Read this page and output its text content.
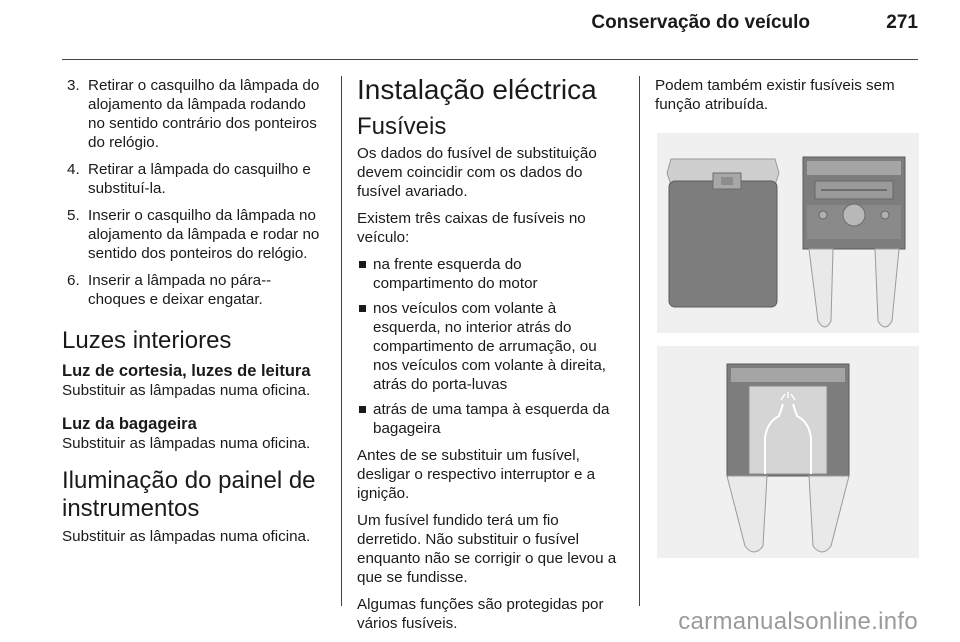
Conservação do veículo	271
3. Retirar o casquilho da lâmpada do alojamento da lâmpada rodando no sentido contrário dos ponteiros do relógio.
4. Retirar a lâmpada do casquilho e substituí-la.
5. Inserir o casquilho da lâmpada no alojamento da lâmpada e rodar no sentido dos ponteiros do relógio.
6. Inserir a lâmpada no pára--choques e deixar engatar.
Luzes interiores
Luz de cortesia, luzes de leitura

Substituir as lâmpadas numa oficina.

Luz da bagageira

Substituir as lâmpadas numa oficina.

Iluminação do painel de
instrumentos

Substituir as lâmpadas numa oficina.

Instalação eléctrica
Fusíveis

Os dados do fusível de substituição devem coincidir com os dados do fusível avariado.

Existem três caixas de fusíveis no veículo:

na frente esquerda do compartimento do motor
nos veículos com volante à esquerda, no interior atrás do compartimento de arrumação, ou nos veículos com volante à direita, atrás do porta-luvas
atrás de uma tampa à esquerda da bagageira

Antes de se substituir um fusível, desligar o respectivo interruptor e a ignição.

Um fusível fundido terá um fio derretido. Não substituir o fusível enquanto não se corrigir o que levou a que se fundisse.

Algumas funções são protegidas por vários fusíveis.

Podem também existir fusíveis sem função atribuída.

carmanualsonline.info
